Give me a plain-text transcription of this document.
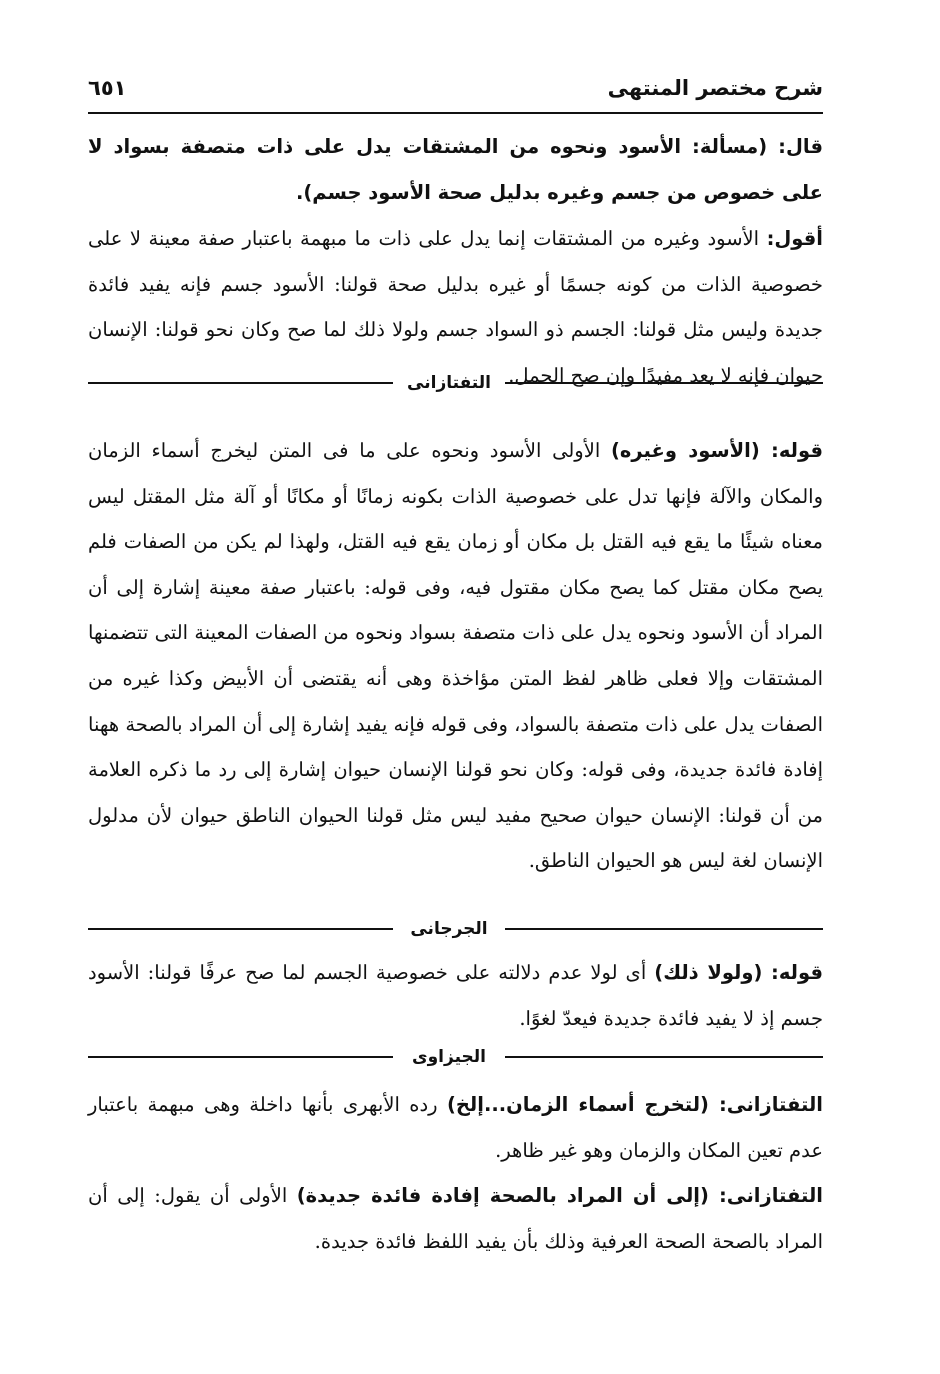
شرح مختصر المنتهى
٦٥١

قال: (مسألة: الأسود ونحوه من المشتقات يدل على ذات متصفة بسواد لا على خصوص من جسم وغيره بدليل صحة الأسود جسم).

أقول: الأسود وغيره من المشتقات إنما يدل على ذات ما مبهمة باعتبار صفة معينة لا على خصوصية الذات من كونه جسمًا أو غيره بدليل صحة قولنا: الأسود جسم فإنه يفيد فائدة جديدة وليس مثل قولنا: الجسم ذو السواد جسم ولولا ذلك لما صح وكان نحو قولنا: الإنسان حيوان فإنه لا يعد مفيدًا وإن صح الحمل.

التفتازانى

قوله: (الأسود وغيره) الأولى الأسود ونحوه على ما فى المتن ليخرج أسماء الزمان والمكان والآلة فإنها تدل على خصوصية الذات بكونه زمانًا أو مكانًا أو آلة مثل المقتل ليس معناه شيئًا ما يقع فيه القتل بل مكان أو زمان يقع فيه القتل، ولهذا لم يكن من الصفات فلم يصح مكان مقتل كما يصح مكان مقتول فيه، وفى قوله: باعتبار صفة معينة إشارة إلى أن المراد أن الأسود ونحوه يدل على ذات متصفة بسواد ونحوه من الصفات المعينة التى تتضمنها المشتقات وإلا فعلى ظاهر لفظ المتن مؤاخذة وهى أنه يقتضى أن الأبيض وكذا غيره من الصفات يدل على ذات متصفة بالسواد، وفى قوله فإنه يفيد إشارة إلى أن المراد بالصحة ههنا إفادة فائدة جديدة، وفى قوله: وكان نحو قولنا الإنسان حيوان إشارة إلى رد ما ذكره العلامة من أن قولنا: الإنسان حيوان صحيح مفيد ليس مثل قولنا الحيوان الناطق حيوان لأن مدلول الإنسان لغة ليس هو الحيوان الناطق.

الجرجانى

قوله: (ولولا ذلك) أى لولا عدم دلالته على خصوصية الجسم لما صح عرفًا قولنا: الأسود جسم إذ لا يفيد فائدة جديدة فيعدّ لغوًا.

الجيزاوى

التفتازانى: (لتخرج أسماء الزمان...إلخ) رده الأبهرى بأنها داخلة وهى مبهمة باعتبار عدم تعين المكان والزمان وهو غير ظاهر.

التفتازانى: (إلى أن المراد بالصحة إفادة فائدة جديدة) الأولى أن يقول: إلى أن المراد بالصحة الصحة العرفية وذلك بأن يفيد اللفظ فائدة جديدة.
